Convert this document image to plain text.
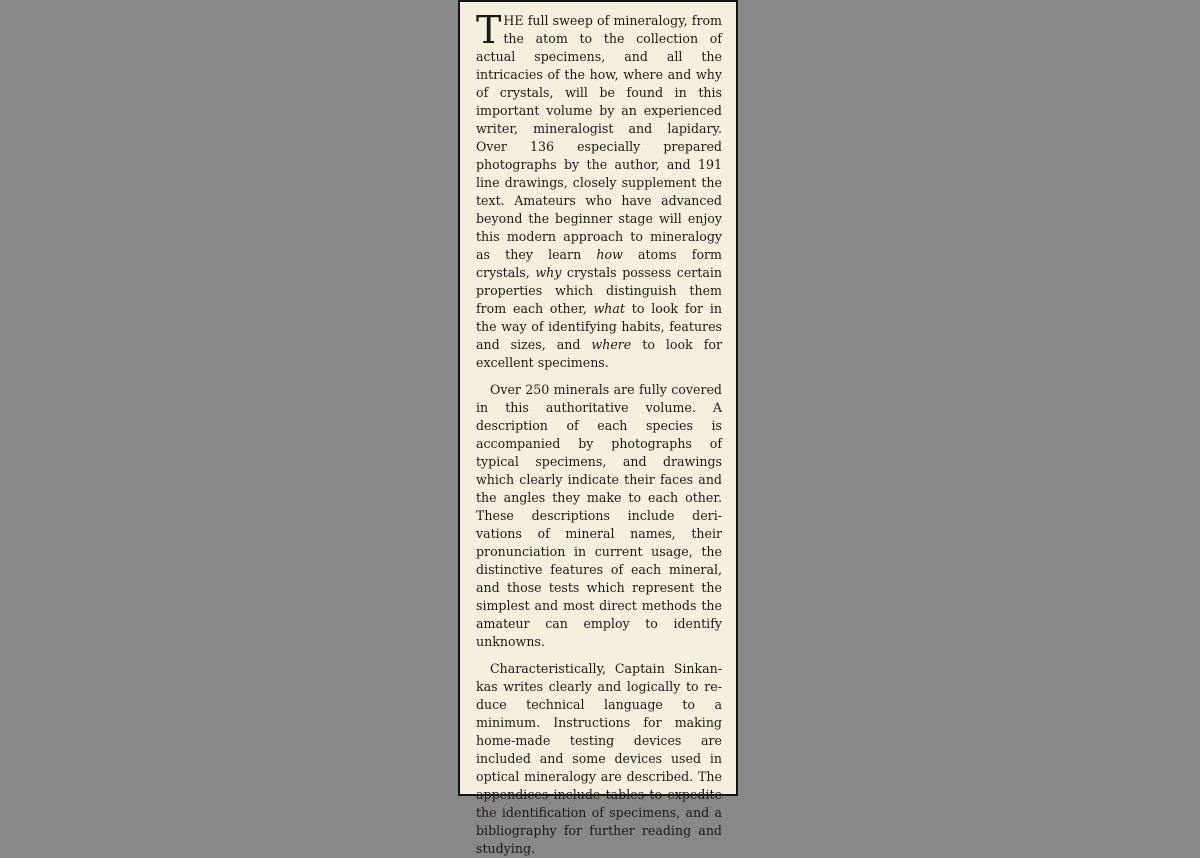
THE full sweep of mineralogy, from the atom to the collection of actual specimens, and all the intricacies of the how, where and why of crystals, will be found in this important volume by an experienced writer, mineralogist and lapidary. Over 136 especially prepared photographs by the author, and 191 line drawings, closely supplement the text. Amateurs who have advanced beyond the beginner stage will enjoy this modern approach to mineralogy as they learn how atoms form crystals, why crystals possess certain properties which distinguish them from each other, what to look for in the way of identifying habits, features and sizes, and where to look for excellent specimens.

Over 250 minerals are fully covered in this authoritative volume. A description of each species is accompanied by photographs of typical specimens, and drawings which clearly indicate their faces and the angles they make to each other. These descriptions include derivations of mineral names, their pronunciation in current usage, the distinctive features of each mineral, and those tests which represent the simplest and most direct methods the amateur can employ to identify unknowns.

Characteristically, Captain Sinkankas writes clearly and logically to reduce technical language to a minimum. Instructions for making home-made testing devices are included and some devices used in optical mineralogy are described. The appendices include tables to expedite the identification of specimens, and a bibliography for further reading and studying.
